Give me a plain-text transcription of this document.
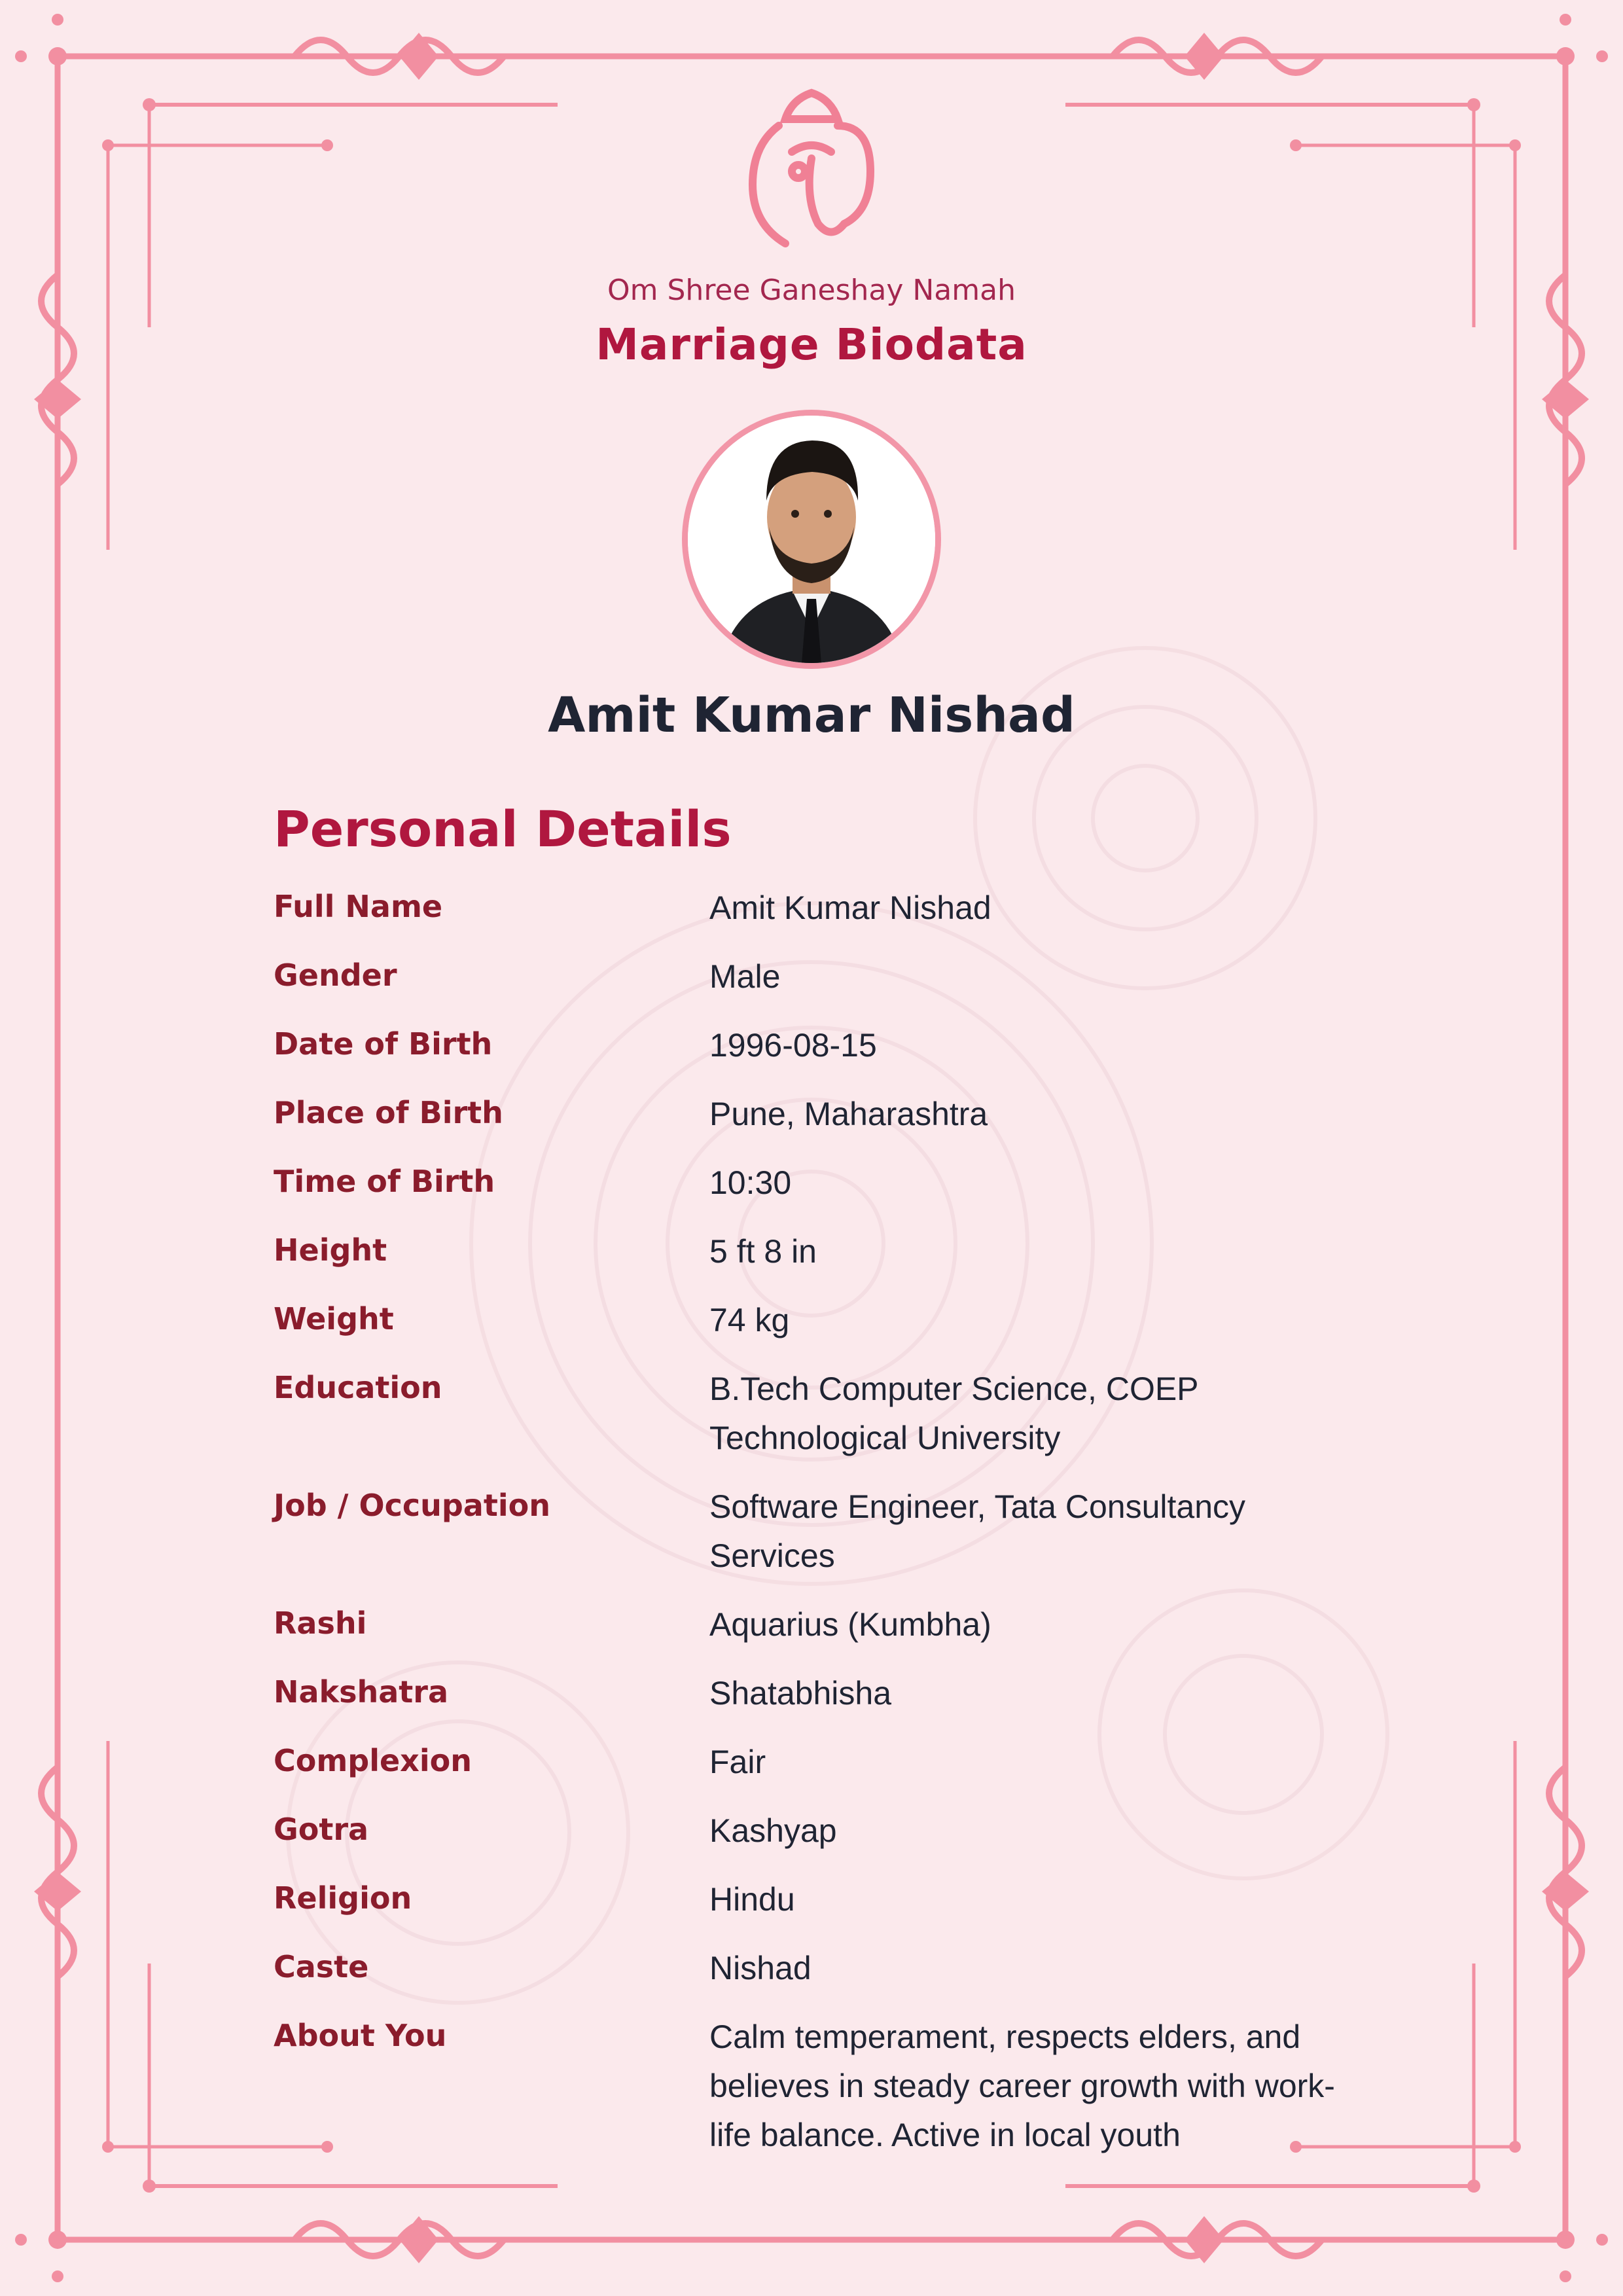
Om Shree Ganeshay Namah
Marriage Biodata
Amit Kumar Nishad
Personal Details
Full Name	Amit Kumar Nishad
Gender	Male
Date of Birth	1996-08-15
Place of Birth	Pune, Maharashtra
Time of Birth	10:30
Height	5 ft 8 in
Weight	74 kg
Education	B.Tech Computer Science, COEP Technological University
Job / Occupation	Software Engineer, Tata Consultancy Services
Rashi	Aquarius (Kumbha)
Nakshatra	Shatabhisha
Complexion	Fair
Gotra	Kashyap
Religion	Hindu
Caste	Nishad
About You	Calm temperament, respects elders, and believes in steady career growth with work-life balance. Active in local youth
